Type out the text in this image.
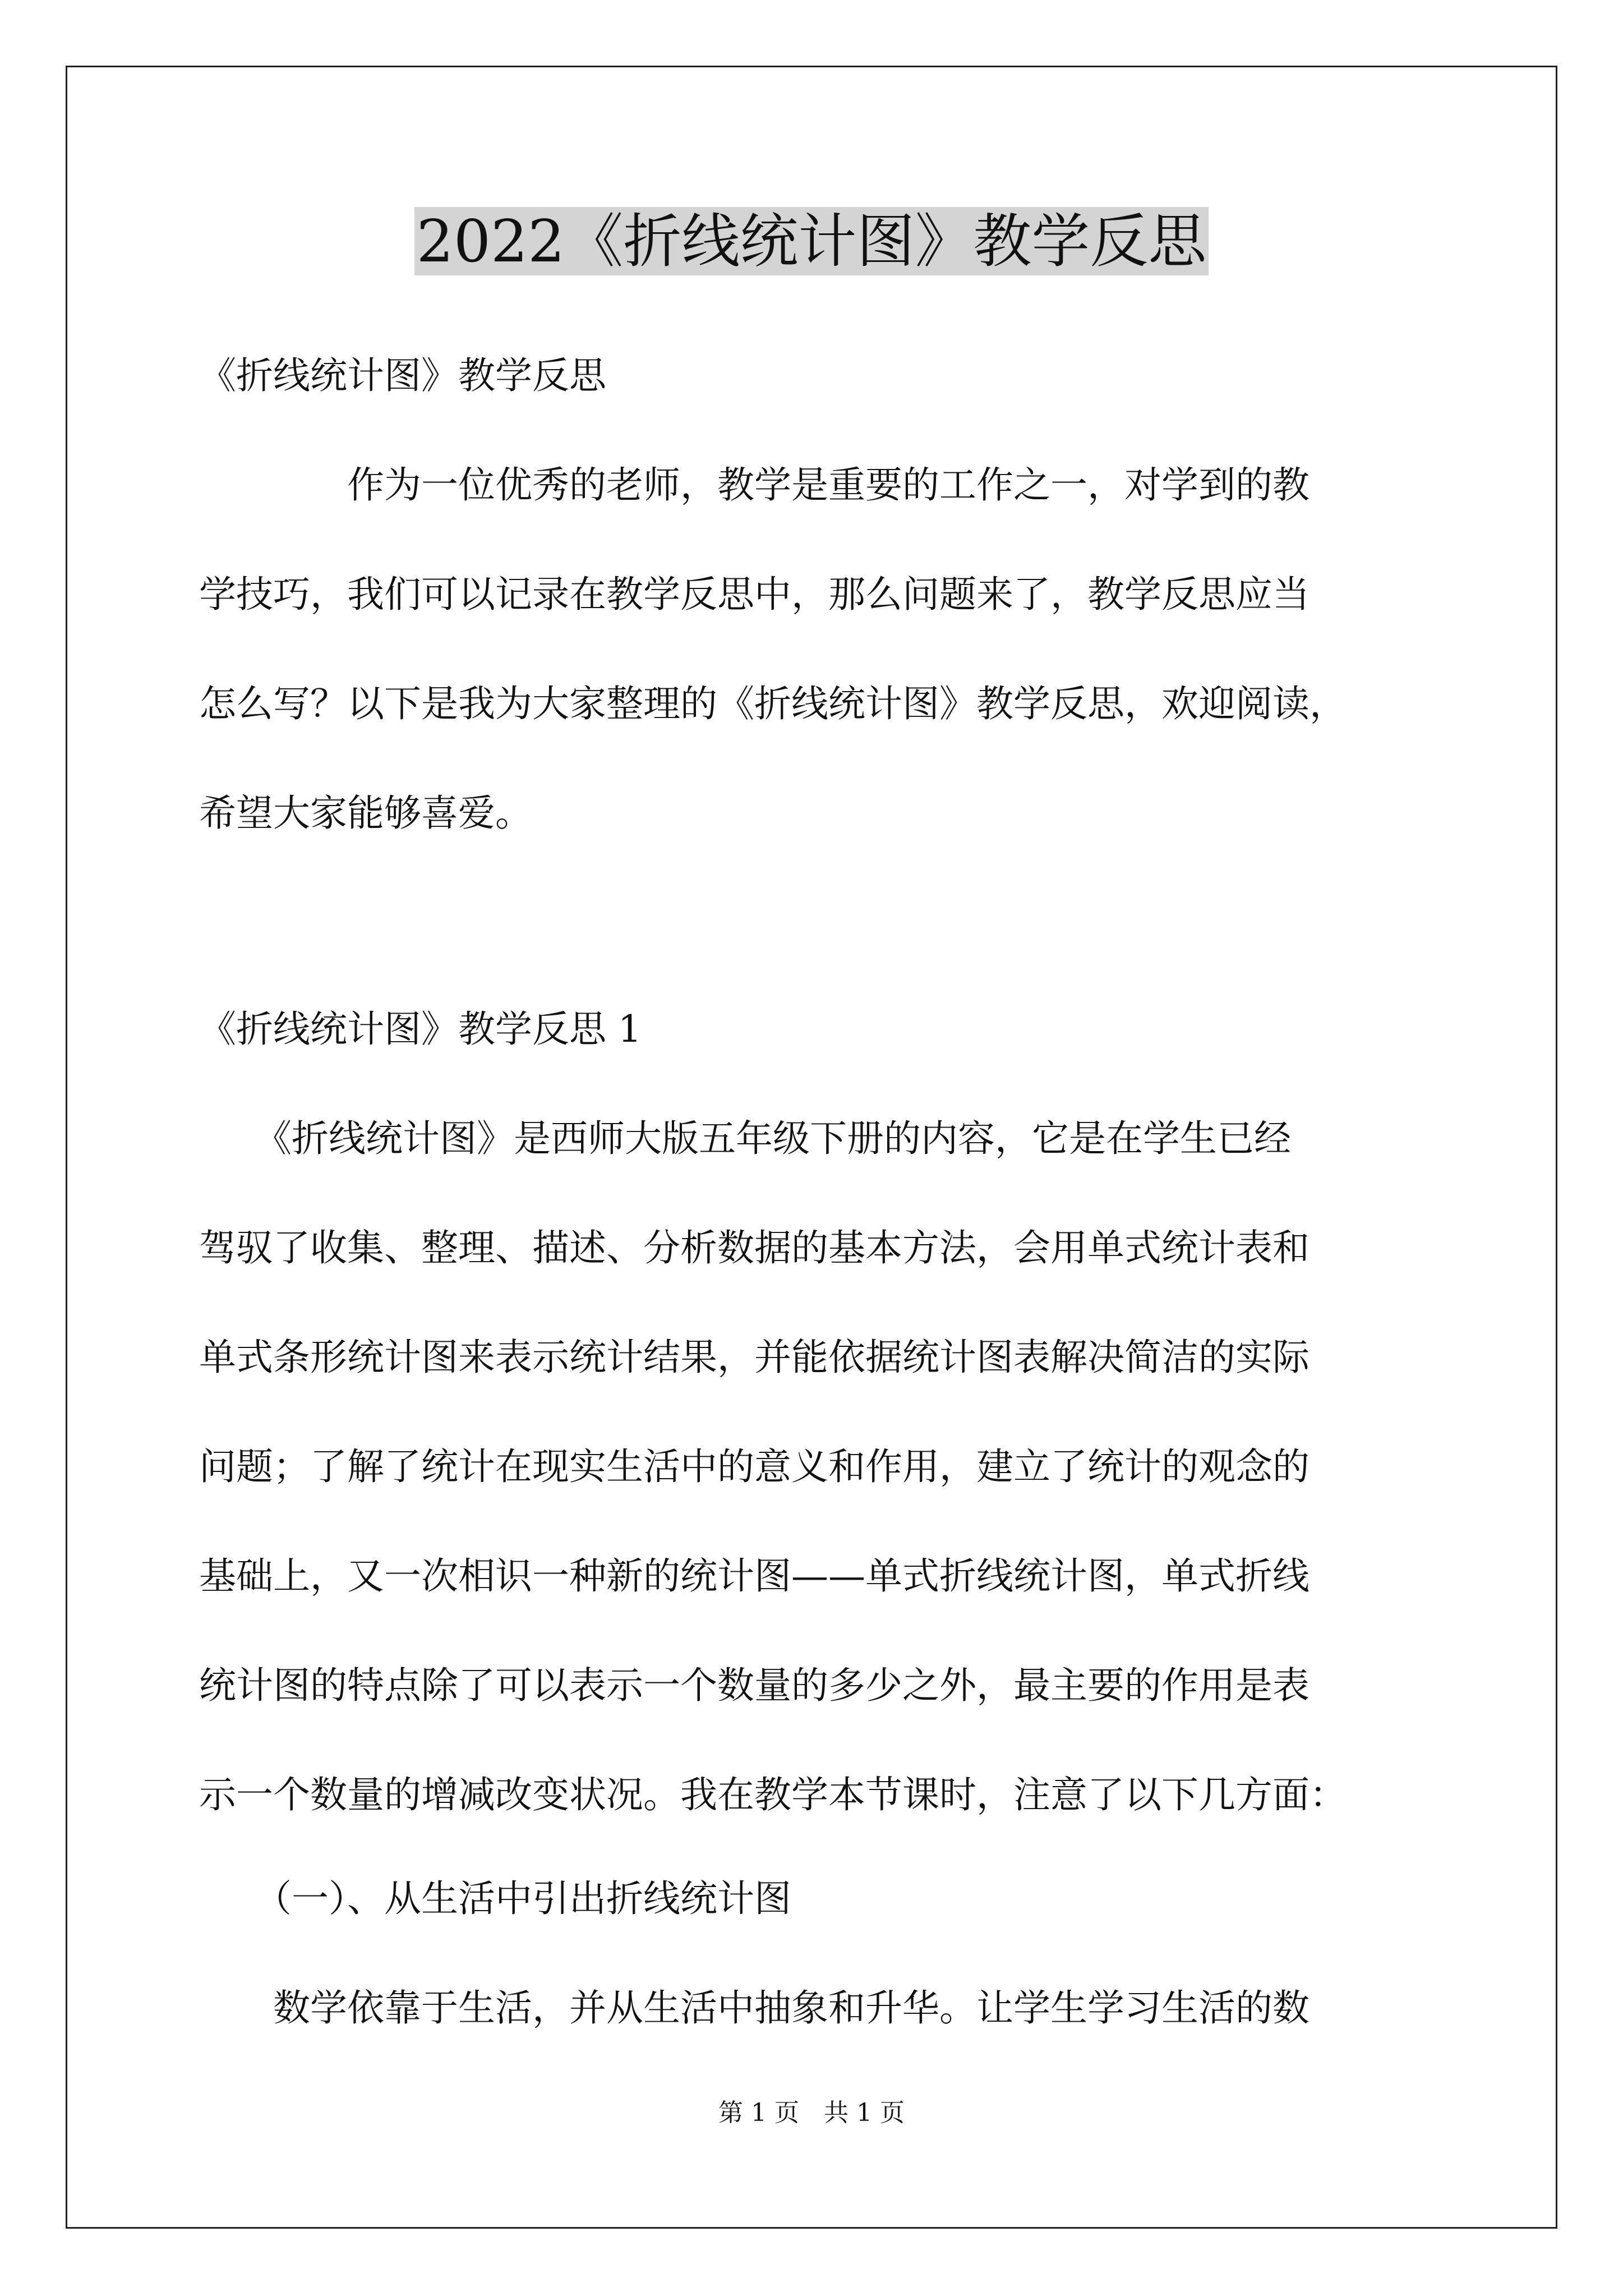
2022《折线统计图》教学反思

《折线统计图》教学反思

　　　　作为一位优秀的老师，教学是重要的工作之一，对学到的教

学技巧，我们可以记录在教学反思中，那么问题来了，教学反思应当

怎么写？以下是我为大家整理的《折线统计图》教学反思，欢迎阅读，

希望大家能够喜爱。

《折线统计图》教学反思 1

　　《折线统计图》是西师大版五年级下册的内容，它是在学生已经

驾驭了收集、整理、描述、分析数据的基本方法，会用单式统计表和

单式条形统计图来表示统计结果，并能依据统计图表解决简洁的实际

问题；了解了统计在现实生活中的意义和作用，建立了统计的观念的

基础上，又一次相识一种新的统计图——单式折线统计图，单式折线

统计图的特点除了可以表示一个数量的多少之外，最主要的作用是表

示一个数量的增减改变状况。我在教学本节课时，注意了以下几方面：

　　（一）、从生活中引出折线统计图

　　数学依靠于生活，并从生活中抽象和升华。让学生学习生活的数

第 1 页　共 1 页
